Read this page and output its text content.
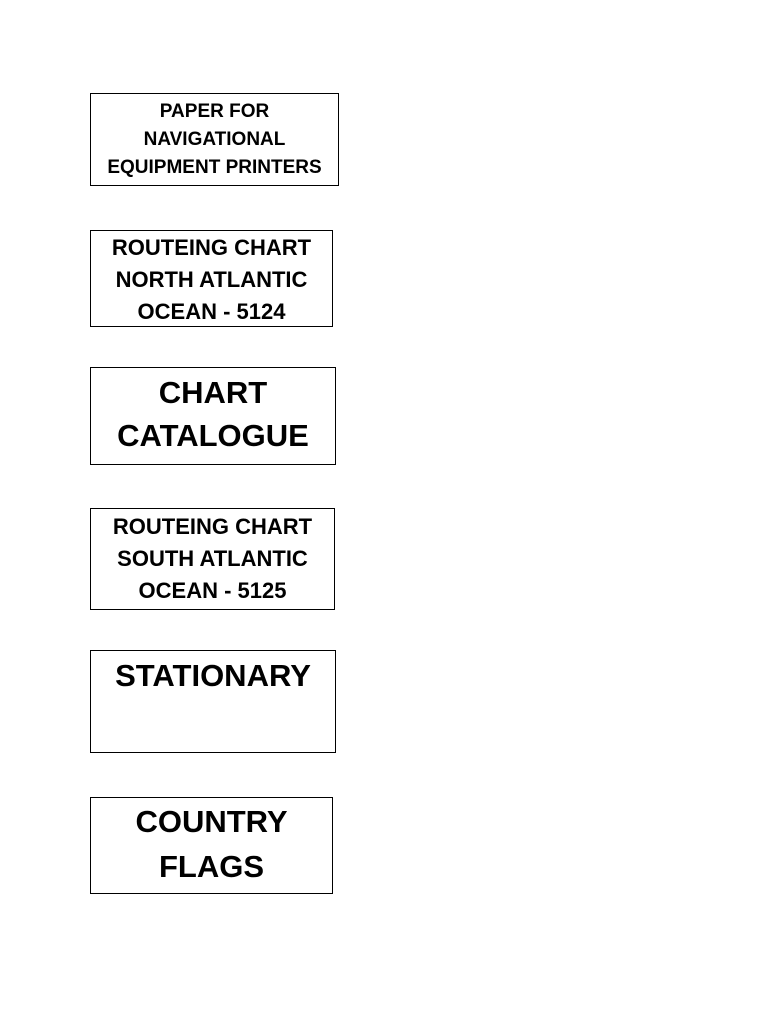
PAPER FOR
NAVIGATIONAL
EQUIPMENT PRINTERS
ROUTEING CHART
NORTH ATLANTIC
OCEAN - 5124
CHART
CATALOGUE
ROUTEING CHART
SOUTH ATLANTIC
OCEAN - 5125
STATIONARY
COUNTRY
FLAGS
